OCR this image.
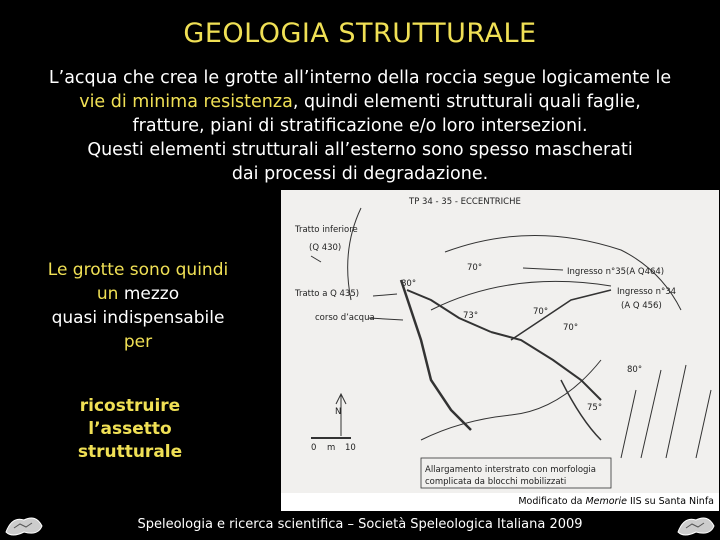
GEOLOGIA STRUTTURALE
L’acqua che crea le grotte all’interno della roccia segue logicamente le
vie di minima resistenza, quindi elementi strutturali quali faglie,
fratture, piani di stratificazione e/o loro intersezioni.
Questi elementi strutturali all’esterno sono spesso mascherati
dai processi di degradazione.
Le grotte sono quindi
un mezzo
quasi indispensabile
per
ricostruire
l’assetto
strutturale
TP 34 - 35 - ECCENTRICHE
Tratto inferiore
(Q 430)
Tratto a Q 435)
corso d’acqua
Ingresso n°35(A Q464)
Ingresso n°34
(A Q 456)
70°
80°
73°	70°
70°
80°
75°
N
0 m 10
Allargamento interstrato con morfologia
complicata da blocchi mobilizzati
Modificato da Memorie IIS su Santa Ninfa
Speleologia e ricerca scientifica – Società Speleologica Italiana 2009
